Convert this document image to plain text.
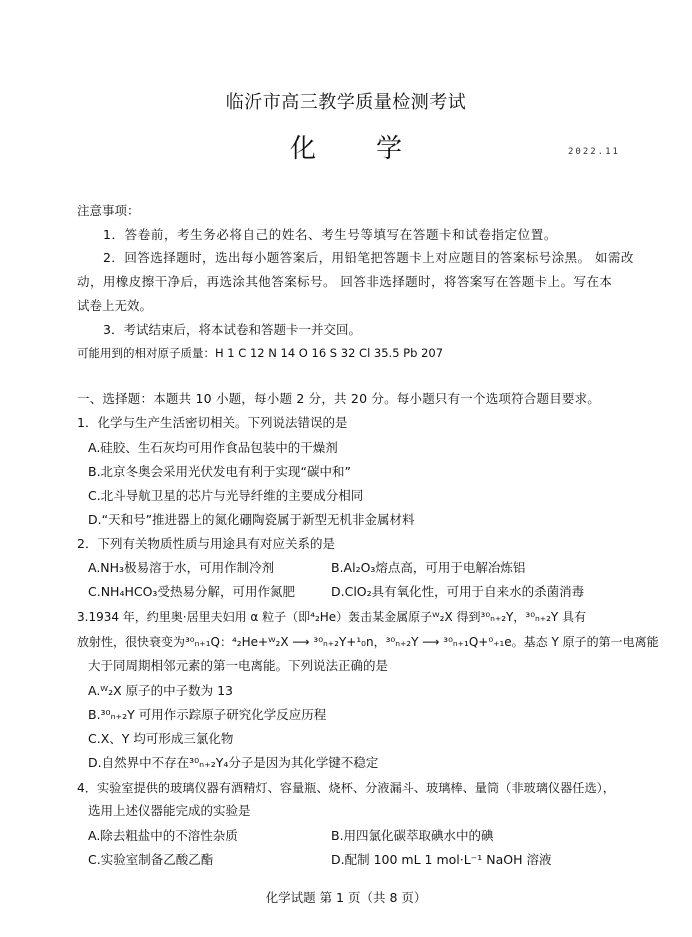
临沂市高三教学质量检测考试
化 学	2022.11
注意事项：
1．答卷前，考生务必将自己的姓名、考生号等填写在答题卡和试卷指定位置。
2．回答选择题时，选出每小题答案后，用铅笔把答题卡上对应题目的答案标号涂黑。 如需改
动，用橡皮擦干净后，再选涂其他答案标号。 回答非选择题时，将答案写在答题卡上。写在本
试卷上无效。
3．考试结束后，将本试卷和答题卡一并交回。
可能用到的相对原子质量：H 1 C 12 N 14 O 16 S 32 Cl 35.5 Pb 207
一、选择题：本题共 10 小题，每小题 2 分，共 20 分。每小题只有一个选项符合题目要求。
1．化学与生产生活密切相关。下列说法错误的是
A.硅胶、生石灰均可用作食品包装中的干燥剂
B.北京冬奥会采用光伏发电有利于实现“碳中和”
C.北斗导航卫星的芯片与光导纤维的主要成分相同
D.“天和号”推进器上的氮化硼陶瓷属于新型无机非金属材料
2．下列有关物质性质与用途具有对应关系的是
A.NH₃极易溶于水，可用作制冷剂	B.Al₂O₃熔点高，可用于电解冶炼铝
C.NH₄HCO₃受热易分解，可用作氮肥	D.ClO₂具有氧化性，可用于自来水的杀菌消毒
3.1934 年，约里奥·居里夫妇用 α 粒子（即⁴₂He）轰击某金属原子ᵂ₂X 得到³⁰ₙ₊₂Y，³⁰ₙ₊₂Y 具有
放射性，很快衰变为³⁰ₙ₊₁Q：⁴₂He+ᵂ₂X ⟶ ³⁰ₙ₊₂Y+¹₀n，³⁰ₙ₊₂Y ⟶ ³⁰ₙ₊₁Q+⁰₊₁e。基态 Y 原子的第一电离能
大于同周期相邻元素的第一电离能。下列说法正确的是
A.ᵂ₂X 原子的中子数为 13
B.³⁰ₙ₊₂Y 可用作示踪原子研究化学反应历程
C.X、Y 均可形成三氯化物
D.自然界中不存在³⁰ₙ₊₂Y₄分子是因为其化学键不稳定
4．实验室提供的玻璃仪器有酒精灯、容量瓶、烧杯、分液漏斗、玻璃棒、量筒（非玻璃仪器任选），
选用上述仪器能完成的实验是
A.除去粗盐中的不溶性杂质	B.用四氯化碳萃取碘水中的碘
C.实验室制备乙酸乙酯	D.配制 100 mL 1 mol·L⁻¹ NaOH 溶液
化学试题 第 1 页（共 8 页）
